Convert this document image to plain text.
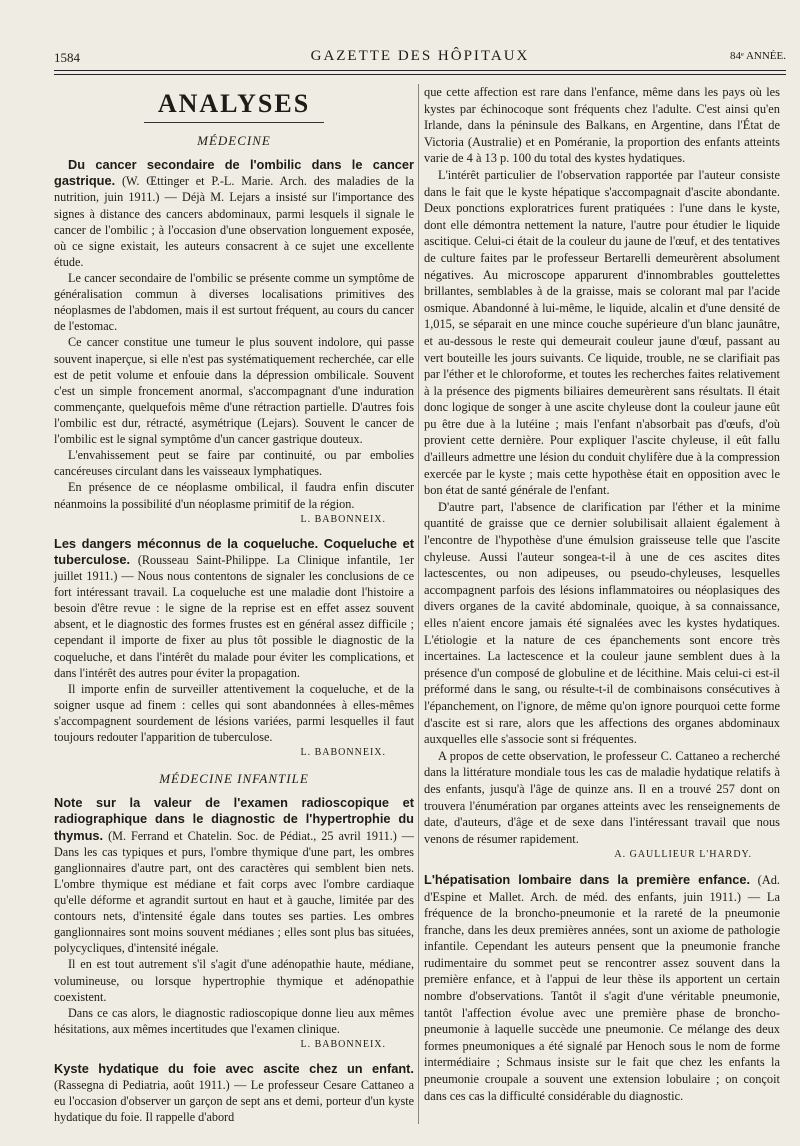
1584	GAZETTE DES HÔPITAUX	84ᵉ ANNÉE.
ANALYSES
MÉDECINE

Du cancer secondaire de l'ombilic dans le cancer gastrique. (W. Œttinger et P.-L. Marie. Arch. des maladies de la nutrition, juin 1911.) — Déjà M. Lejars a insisté sur l'importance des signes à distance des cancers abdominaux, parmi lesquels il signale le cancer de l'ombilic ; à l'occasion d'une observation longuement exposée, où ce signe existait, les auteurs consacrent à ce sujet une excellente étude.

Le cancer secondaire de l'ombilic se présente comme un symptôme de généralisation commun à diverses localisations primitives des néoplasmes de l'abdomen, mais il est surtout fréquent, au cours du cancer de l'estomac.

Ce cancer constitue une tumeur le plus souvent indolore, qui passe souvent inaperçue, si elle n'est pas systématiquement recherchée, car elle est de petit volume et enfouie dans la dépression ombilicale. Souvent c'est un simple froncement anormal, s'accompagnant d'une induration commençante, quelquefois même d'une rétraction partielle. D'autres fois l'ombilic est dur, rétracté, asymétrique (Lejars). Souvent le cancer de l'ombilic est le signal symptôme d'un cancer gastrique douteux.

L'envahissement peut se faire par continuité, ou par embolies cancéreuses circulant dans les vaisseaux lymphatiques.

En présence de ce néoplasme ombilical, il faudra enfin discuter néanmoins la possibilité d'un néoplasme primitif de la région.

L. BABONNEIX.

Les dangers méconnus de la coqueluche. Coqueluche et tuberculose. (Rousseau Saint-Philippe. La Clinique infantile, 1er juillet 1911.) — Nous nous contentons de signaler les conclusions de ce fort intéressant travail. La coqueluche est une maladie dont l'histoire a besoin d'être revue : le signe de la reprise est en effet assez souvent absent, et le diagnostic des formes frustes est en général assez difficile ; cependant il importe de fixer au plus tôt possible le diagnostic de la coqueluche, et dans l'intérêt du malade pour éviter les complications, et dans l'intérêt des autres pour éviter la propagation.

Il importe enfin de surveiller attentivement la coqueluche, et de la soigner usque ad finem : celles qui sont abandonnées à elles-mêmes s'accompagnent sourdement de lésions variées, parmi lesquelles il faut toujours redouter l'apparition de tuberculose.

L. BABONNEIX.
MÉDECINE INFANTILE

Note sur la valeur de l'examen radioscopique et radiographique dans le diagnostic de l'hypertrophie du thymus. (M. Ferrand et Chatelin. Soc. de Pédiat., 25 avril 1911.) — Dans les cas typiques et purs, l'ombre thymique d'une part, les ombres ganglionnaires d'autre part, ont des caractères qui semblent bien nets. L'ombre thymique est médiane et fait corps avec l'ombre cardiaque qu'elle déforme et agrandit surtout en haut et à gauche, limitée par des contours nets, d'intensité égale dans toutes ses parties. Les ombres ganglionnaires sont moins souvent médianes ; elles sont plus bas situées, polycycliques, d'intensité inégale.

Il en est tout autrement s'il s'agit d'une adénopathie haute, médiane, volumineuse, ou lorsque hypertrophie thymique et adénopathie coexistent.

Dans ce cas alors, le diagnostic radioscopique donne lieu aux mêmes hésitations, aux mêmes incertitudes que l'examen clinique.

L. BABONNEIX.

Kyste hydatique du foie avec ascite chez un enfant. (Rassegna di Pediatria, août 1911.) — Le professeur Cesare Cattaneo a eu l'occasion d'observer un garçon de sept ans et demi, porteur d'un kyste hydatique du foie. Il rappelle d'abord

que cette affection est rare dans l'enfance, même dans les pays où les kystes par échinocoque sont fréquents chez l'adulte. C'est ainsi qu'en Irlande, dans la péninsule des Balkans, en Argentine, dans l'État de Victoria (Australie) et en Poméranie, la proportion des enfants atteints varie de 4 à 13 p. 100 du total des kystes hydatiques.

L'intérêt particulier de l'observation rapportée par l'auteur consiste dans le fait que le kyste hépatique s'accompagnait d'ascite abondante. Deux ponctions exploratrices furent pratiquées : l'une dans le kyste, dont elle démontra nettement la nature, l'autre pour étudier le liquide ascitique. Celui-ci était de la couleur du jaune de l'œuf, et des tentatives de culture faites par le professeur Bertarelli demeurèrent absolument négatives. Au microscope apparurent d'innombrables gouttelettes brillantes, semblables à de la graisse, mais se colorant mal par l'acide osmique. Abandonné à lui-même, le liquide, alcalin et d'une densité de 1,015, se séparait en une mince couche supérieure d'un blanc jaunâtre, et au-dessous le reste qui demeurait couleur jaune d'œuf, passant au vert bouteille les jours suivants. Ce liquide, trouble, ne se clarifiait pas par l'éther et le chloroforme, et toutes les recherches faites relativement à la présence des pigments biliaires demeurèrent sans résultats. Il était donc logique de songer à une ascite chyleuse dont la couleur jaune eût pu être due à la lutéine ; mais l'enfant n'absorbait pas d'œufs, d'où provient cette dernière. Pour expliquer l'ascite chyleuse, il eût fallu d'ailleurs admettre une lésion du conduit chylifère due à la compression exercée par le kyste ; mais cette hypothèse était en opposition avec le bon état de santé générale de l'enfant.

D'autre part, l'absence de clarification par l'éther et la minime quantité de graisse que ce dernier solubilisait allaient également à l'encontre de l'hypothèse d'une émulsion graisseuse telle que l'ascite chyleuse. Aussi l'auteur songea-t-il à une de ces ascites dites lactescentes, ou non adipeuses, ou pseudo-chyleuses, lesquelles accompagnent parfois des lésions inflammatoires ou néoplasiques des divers organes de la cavité abdominale, quoique, à sa connaissance, elles n'aient encore jamais été signalées avec les kystes hydatiques. L'étiologie et la nature de ces épanchements sont encore très incertaines. La lactescence et la couleur jaune semblent dues à la présence d'un composé de globuline et de lécithine. Mais celui-ci est-il préformé dans le sang, ou résulte-t-il de combinaisons consécutives à l'épanchement, on l'ignore, de même qu'on ignore pourquoi cette forme d'ascite est si rare, alors que les affections des organes abdominaux auxquelles elle s'associe sont si fréquentes.

A propos de cette observation, le professeur C. Cattaneo a recherché dans la littérature mondiale tous les cas de maladie hydatique relatifs à des enfants, jusqu'à l'âge de quinze ans. Il en a trouvé 257 dont on trouvera l'énumération par organes atteints avec les renseignements de date, d'auteurs, d'âge et de sexe dans l'intéressant travail que nous venons de résumer rapidement.

A. GAULLIEUR L'HARDY.

L'hépatisation lombaire dans la première enfance. (Ad. d'Espine et Mallet. Arch. de méd. des enfants, juin 1911.) — La fréquence de la broncho-pneumonie et la rareté de la pneumonie franche, dans les deux premières années, sont un axiome de pathologie infantile. Cependant les auteurs pensent que la pneumonie franche rudimentaire du sommet peut se rencontrer assez souvent dans la première enfance, et à l'appui de leur thèse ils apportent un certain nombre d'observations. Tantôt il s'agit d'une véritable pneumonie, tantôt l'affection évolue avec une première phase de broncho-pneumonie à laquelle succède une pneumonie. Ce mélange des deux formes pneumoniques a été signalé par Henoch sous le nom de forme intermédiaire ; Schmaus insiste sur le fait que chez les enfants la pneumonie croupale a souvent une extension lobulaire ; on conçoit dans ces cas la difficulté considérable du diagnostic.
